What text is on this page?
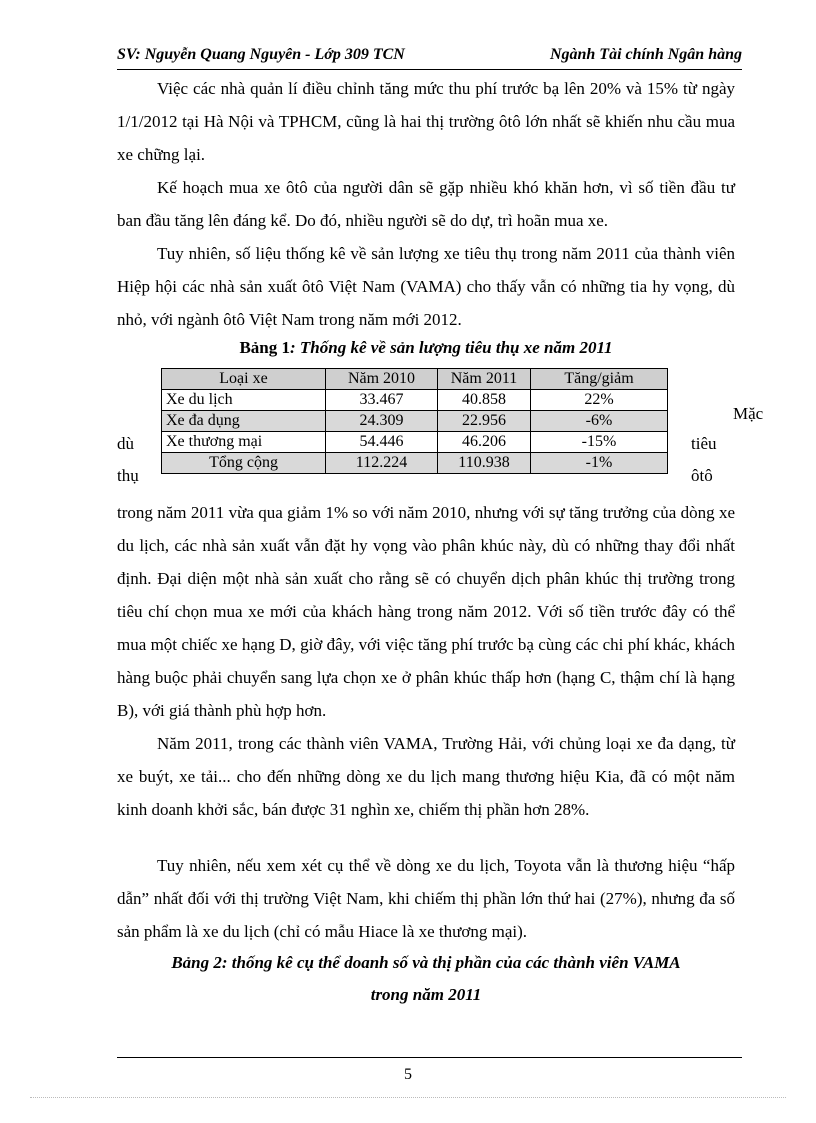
SV: Nguyễn Quang Nguyên - Lớp 309 TCN	Ngành Tài chính Ngân hàng

Việc các nhà quản lí điều chỉnh tăng mức thu phí trước bạ lên 20% và 15% từ ngày 1/1/2012 tại Hà Nội và TPHCM, cũng là hai thị trường ôtô lớn nhất sẽ khiến nhu cầu mua xe chững lại.

Kế hoạch mua xe ôtô của người dân sẽ gặp nhiều khó khăn hơn, vì số tiền đầu tư ban đầu tăng lên đáng kể. Do đó, nhiều người sẽ do dự, trì hoãn mua xe.

Tuy nhiên, số liệu thống kê về sản lượng xe tiêu thụ trong năm 2011 của thành viên Hiệp hội các nhà sản xuất ôtô Việt Nam (VAMA) cho thấy vẫn có những tia hy vọng, dù nhỏ, với ngành ôtô Việt Nam trong năm mới 2012.

Bảng 1: Thống kê về sản lượng tiêu thụ xe năm 2011
Loại xe	Năm 2010	Năm 2011	Tăng/giảm
Xe du lịch	33.467	40.858	22%
Xe đa dụng	24.309	22.956	-6%
Xe thương mại	54.446	46.206	-15%
Tổng cộng	112.224	110.938	-1%
Mặc
dù	tiêu
thụ	ôtô

trong năm 2011 vừa qua giảm 1% so với năm 2010, nhưng với sự tăng trưởng của dòng xe du lịch, các nhà sản xuất vẫn đặt hy vọng vào phân khúc này, dù có những thay đổi nhất định. Đại diện một nhà sản xuất cho rằng sẽ có chuyển dịch phân khúc thị trường trong tiêu chí chọn mua xe mới của khách hàng trong năm 2012. Với số tiền trước đây có thể mua một chiếc xe hạng D, giờ đây, với việc tăng phí trước bạ cùng các chi phí khác, khách hàng buộc phải chuyển sang lựa chọn xe ở phân khúc thấp hơn (hạng C, thậm chí là hạng B), với giá thành phù hợp hơn.

Năm 2011, trong các thành viên VAMA, Trường Hải, với chủng loại xe đa dạng, từ xe buýt, xe tải... cho đến những dòng xe du lịch mang thương hiệu Kia, đã có một năm kinh doanh khởi sắc, bán được 31 nghìn xe, chiếm thị phần hơn 28%.

Tuy nhiên, nếu xem xét cụ thể về dòng xe du lịch, Toyota vẫn là thương hiệu “hấp dẫn” nhất đối với thị trường Việt Nam, khi chiếm thị phần lớn thứ hai (27%), nhưng đa số sản phẩm là xe du lịch (chỉ có mẫu Hiace là xe thương mại).

Bảng 2: thống kê cụ thể doanh số và thị phần của các thành viên VAMA
trong năm 2011
5
